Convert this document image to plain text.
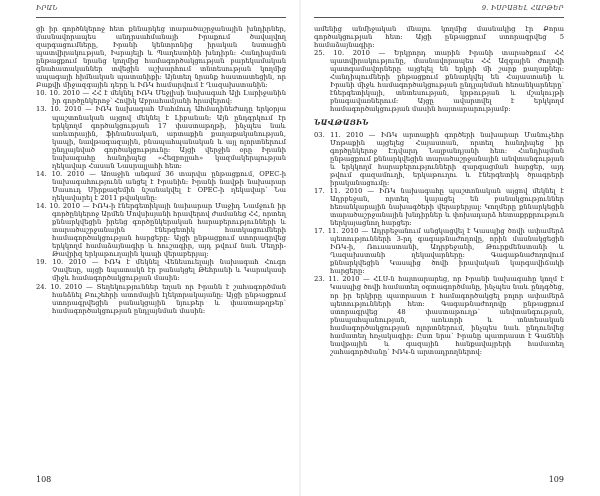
ԻՐԱՆ

ցի իր գործնկերոջ հետ քննարկեց տարածաշրջանային խնդիրներ, մասնավորապես անդրսահմանայի Իրաքում ծավալվող զարգացումները, Իրանի կենտրոնից իրական նստացին պատվիրակության, Իսրայելի և Պաղեստինի խնդիրն: Հանդիպման ընթացքում նրանց կողմից համագործակցության բարեկամական գնահատականներ տվեցին աշխարհում տնտեսության կողմից ապագայի հիմնական պատանիքի: Այնտեղ նրանք հաստատեցին, որ Բաքվի միջազգային դերը և ԻՌԿ համարվում է Ղազախստանին:

10. 10. 2010 — ՀՀ է մեկնել ԻՌԿ Մեջլիսի նախագահ Ալի Լարիջանին իր գործընկերոջ՝ Հովիկ Աբրահամյանի հրավերով:

13. 10. 2010 — ԻՌԿ նախագահ Մահմուդ Ահմադինեժադը երկօրյա պաշտոնական այցով մեկնել է Լիբանան: Այն ընդգրկում էր երկկողմ գործակցության 17 փաստաթղթի, ինչպես նաև առևտրային, ֆինանսական, արտաքին քաղաքականության, կապի, նավթագազային, բնապահպանական և այլ ոլորտներում ընդլայնված գործակցությունը: Այցի վերջին օրը Իրանի նախագահը հանդիպեց «Հեզբոլլահ» կազմակերպության ղեկավար Հասան Նասրալլահի հետ:

14. 10. 2010 — Առաջին անգամ 36 տարվա ընթացքում, OPEC-ի նախագահությունն անցել է Իրանին: Իրանի նավթի նախարար Մասուդ Միրքազեմին նշանակվել է OPEC-ի ղեկավար՝ Նա ղեկավարել է 2011 թվականը:

14. 10. 2010 — ԻՌԿ-ի էներգետիկայի նախարար Մաջիդ Նամջուն իր գործընկերոջ Արմեն Մովսիսյանի հրավերով ժամանեց ՀՀ, որտեղ քննարկվեցին իրենց գործընկերական հարաբերությունների և տարածաշրջանային էներգետիկ հատկացումների համագործակցության հարցերը: Այցի ընթացքում ստորագրվեց երկկողմ համաձայնագիր և հուշագիր, այդ թվում նաև Մեղրի-Թավրիզ երկաթուղային կապի վերաբերյալ:

19. 10. 2010 — ԻՌԿ է մեկնել Վենեսուելայի նախագահ Հուգո Չավեսը, այցի նպատակն էր բանակցել Թեհրանի և Կարակասի միջև համագործակցության մասին:

24. 10. 2010 — Տեղեկություններ եղան որ Իրանն է շահագործման հանձնել Բուշեհրի ատոմային էլեկտրակայանը: Այցի ընթացքում ստորագրվեցին բանակցային նյութեր և փաստաթղթեր՝ համագործակցության ընդլայնման մասին:

108
9. ԻՍՐԱՅԵԼ ՀԱՐԹԵՐ

ամենից անմիջական մնալու կողմից մասնակից էր Քորա գործակցության հետ: Այցի ընթացքում ստորագրվեց 5 համաձայնագիր:

25. 10. 2010 — Երկրորդ տարին Իրանի տարածքում ՀՀ պատվիրակությունը, մասնավորապես ՀՀ Ազգային ժողովի պատգամավորները այցելել են երկրի մի շարք քաղաքներ: Հանդիպումների ընթացքում քննարկվել են Հայաստանի և Իրանի միջև համագործակցության ընդլայնման հեռանկարները՝ էներգետիկայի, տնտեսության, կրթության և մշակույթի բնագավառներում: Այցը ավարտվել է երկկողմ համագործակցության մասին հայտարարությամբ:

ՆԱՎԹԱՅԻՆ

03. 11. 2010 — ԻՌԿ արտաքին գործերի նախարար Մանուչեհր Մոթաքին այցելեց Հայաստան, որտեղ հանդիպեց իր գործընկերոջ Էդվարդ Նալբանդյանի հետ: Հանդիպման ընթացքում քննարկվեցին տարածաշրջանային անվտանգության և երկկողմ հարաբերությունների զարգացման հարցեր, այդ թվում գազամուղի, երկաթուղու և էներգետիկ ծրագրերի իրականացումը:

17. 11. 2010 — ԻՌԿ նախագահը պաշտոնական այցով մեկնել է Ադրբեջան, որտեղ կայացել են բանակցություններ հեռանկարային նախագծերի վերաբերյալ: Կողմերը քննարկեցին տարածաշրջանային խնդիրներ և փոխադարձ հետաքրքրություն ներկայացնող հարցեր:

17. 11. 2010 — Ադրբեջանում անցկացվել է Կասպից ծովի ափամերձ պետությունների 3-րդ գագաթնաժողովը, որին մասնակցեցին ԻՌԿ-ի, Ռուսաստանի, Ադրբեջանի, Թուրքմենստանի և Ղազախստանի ղեկավարները: Գագաթնաժողովում քննարկվեցին Կասպից ծովի իրավական կարգավիճակի հարցերը:

23. 11. 2010 — ՀԼՍ-ն հայտարարեց, որ Իրանի նախագահը կողմ է Կասպից ծովի համատեղ օգտագործմանը, ինչպես նաև ընդգծեց, որ իր երկիրը պատրաստ է համագործակցել բոլոր ափամերձ պետությունների հետ: Գագաթնաժողովը ընթացքում ստորագրվեց 48 փաստաթուղթ՝ անվտանգության, բնապահպանության, առևտրի և տնտեսական համագործակցության ոլորտներում, ինչպես նաև ընդունվեց համատեղ հռչակագիր: Ըստ նրա՝ Իրանը պատրաստ է Գաճենի նավթային և գազային հանքավայրերի համատեղ շահագործմանը՝ ԻՌԿ-ն արտադրողներով:

109
